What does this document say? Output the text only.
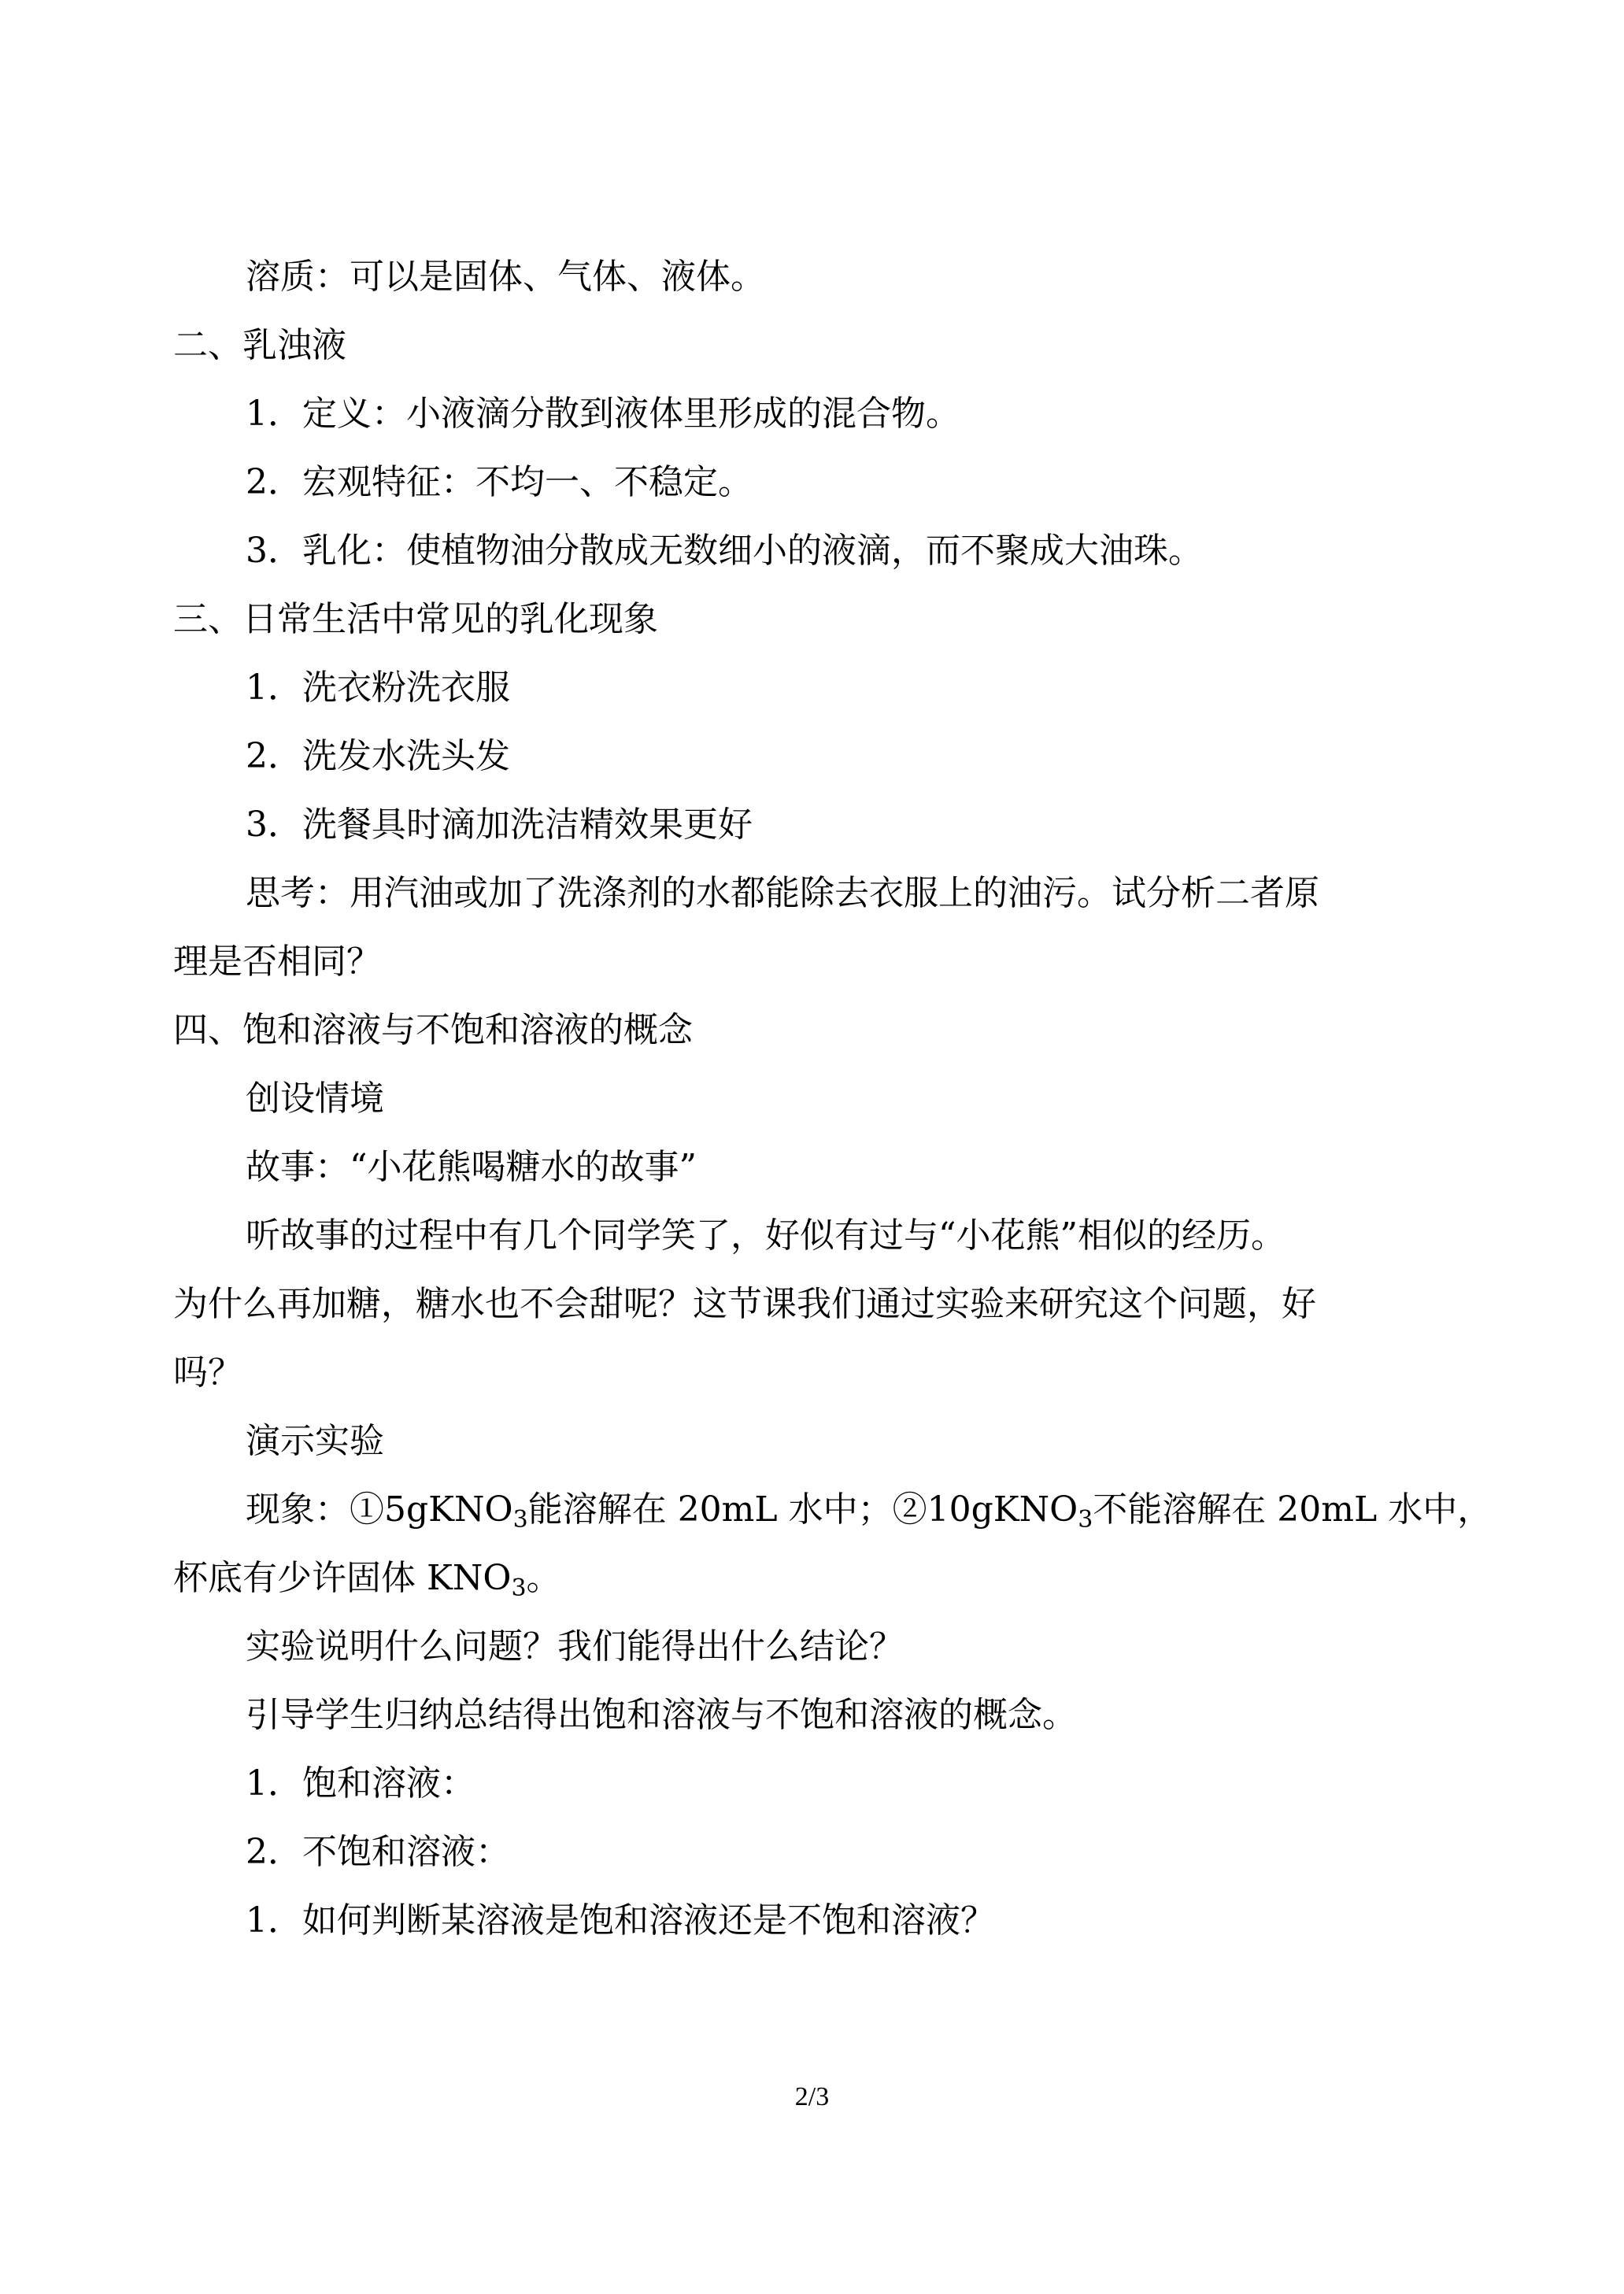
溶质：可以是固体、气体、液体。
二、乳浊液
1．定义：小液滴分散到液体里形成的混合物。
2．宏观特征：不均一、不稳定。
3．乳化：使植物油分散成无数细小的液滴，而不聚成大油珠。
三、日常生活中常见的乳化现象
1．洗衣粉洗衣服
2．洗发水洗头发
3．洗餐具时滴加洗洁精效果更好
思考：用汽油或加了洗涤剂的水都能除去衣服上的油污。试分析二者原
理是否相同？
四、饱和溶液与不饱和溶液的概念
创设情境
故事：“小花熊喝糖水的故事”
听故事的过程中有几个同学笑了，好似有过与“小花熊”相似的经历。
为什么再加糖，糖水也不会甜呢？这节课我们通过实验来研究这个问题，好
吗？
演示实验
现象：①5gKNO$_3$能溶解在 20mL 水中；②10gKNO$_3$不能溶解在 20mL 水中，
杯底有少许固体 $KNO_3$。
实验说明什么问题？我们能得出什么结论？
引导学生归纳总结得出饱和溶液与不饱和溶液的概念。
1．饱和溶液：
2．不饱和溶液：
1．如何判断某溶液是饱和溶液还是不饱和溶液？
2/3
